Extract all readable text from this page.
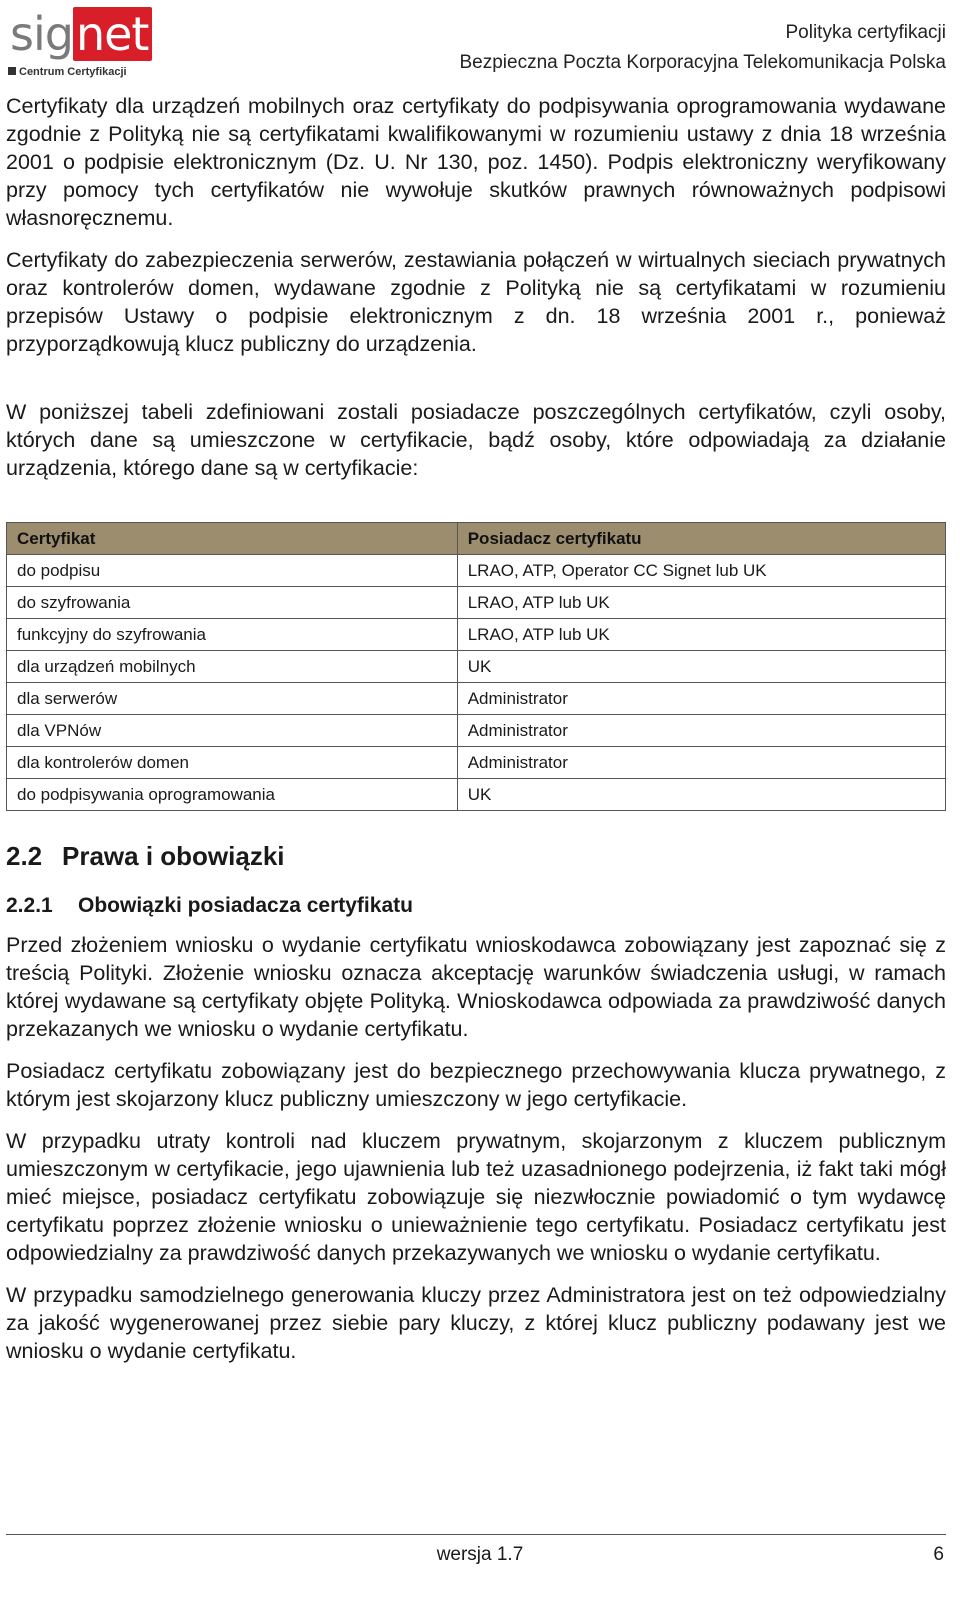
signet
Centrum Certyfikacji
Polityka certyfikacji
Bezpieczna Poczta Korporacyjna Telekomunikacja Polska

Certyfikaty dla urządzeń mobilnych oraz certyfikaty do podpisywania oprogramowania wydawane zgodnie z Polityką nie są certyfikatami kwalifikowanymi w rozumieniu ustawy z dnia 18 września 2001 o podpisie elektronicznym (Dz. U. Nr 130, poz. 1450). Podpis elektroniczny weryfikowany przy pomocy tych certyfikatów nie wywołuje skutków prawnych równoważnych podpisowi własnoręcznemu.

Certyfikaty do zabezpieczenia serwerów, zestawiania połączeń w wirtualnych sieciach prywatnych oraz kontrolerów domen, wydawane zgodnie z Polityką nie są certyfikatami w rozumieniu przepisów Ustawy o podpisie elektronicznym z dn. 18 września 2001 r., ponieważ przyporządkowują klucz publiczny do urządzenia.

W poniższej tabeli zdefiniowani zostali posiadacze poszczególnych certyfikatów, czyli osoby, których dane są umieszczone w certyfikacie, bądź osoby, które odpowiadają za działanie urządzenia, którego dane są w certyfikacie:

Certyfikat	Posiadacz certyfikatu
do podpisu	LRAO, ATP, Operator CC Signet lub UK
do szyfrowania	LRAO, ATP lub UK
funkcyjny do szyfrowania	LRAO, ATP lub UK
dla urządzeń mobilnych	UK
dla serwerów	Administrator
dla VPNów	Administrator
dla kontrolerów domen	Administrator
do podpisywania oprogramowania	UK
2.2 Prawa i obowiązki
2.2.1 Obowiązki posiadacza certyfikatu

Przed złożeniem wniosku o wydanie certyfikatu wnioskodawca zobowiązany jest zapoznać się z treścią Polityki. Złożenie wniosku oznacza akceptację warunków świadczenia usługi, w ramach której wydawane są certyfikaty objęte Polityką. Wnioskodawca odpowiada za prawdziwość danych przekazanych we wniosku o wydanie certyfikatu.

Posiadacz certyfikatu zobowiązany jest do bezpiecznego przechowywania klucza prywatnego, z którym jest skojarzony klucz publiczny umieszczony w jego certyfikacie.

W przypadku utraty kontroli nad kluczem prywatnym, skojarzonym z kluczem publicznym umieszczonym w certyfikacie, jego ujawnienia lub też uzasadnionego podejrzenia, iż fakt taki mógł mieć miejsce, posiadacz certyfikatu zobowiązuje się niezwłocznie powiadomić o tym wydawcę certyfikatu poprzez złożenie wniosku o unieważnienie tego certyfikatu. Posiadacz certyfikatu jest odpowiedzialny za prawdziwość danych przekazywanych we wniosku o wydanie certyfikatu.

W przypadku samodzielnego generowania kluczy przez Administratora jest on też odpowiedzialny za jakość wygenerowanej przez siebie pary kluczy, z której klucz publiczny podawany jest we wniosku o wydanie certyfikatu.

wersja 1.7	6
